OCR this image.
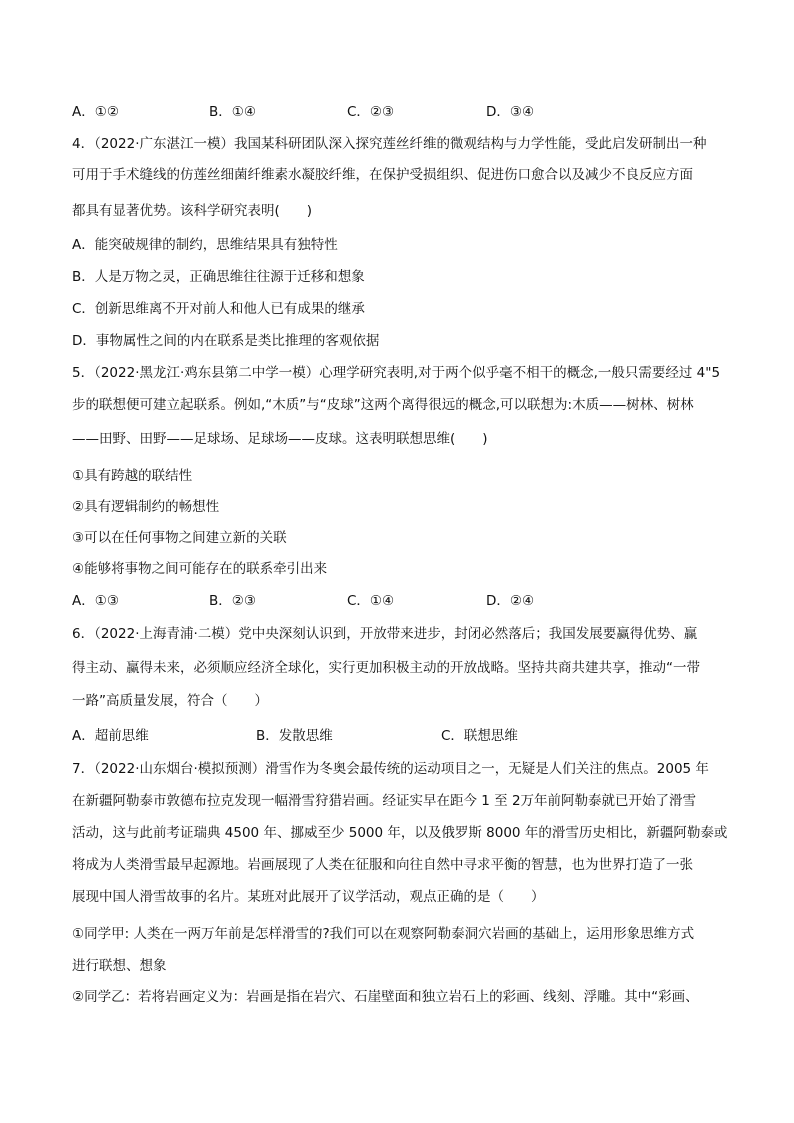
A．①②	B．①④	C．②③	D．③④
4．（2022·广东湛江一模）我国某科研团队深入探究莲丝纤维的微观结构与力学性能，受此启发研制出一种
可用于手术缝线的仿莲丝细菌纤维素水凝胶纤维，在保护受损组织、促进伤口愈合以及减少不良反应方面
都具有显著优势。该科学研究表明(　　)
A．能突破规律的制约，思维结果具有独特性
B．人是万物之灵，正确思维往往源于迁移和想象
C．创新思维离不开对前人和他人已有成果的继承
D．事物属性之间的内在联系是类比推理的客观依据
5．（2022·黑龙江·鸡东县第二中学一模）心理学研究表明,对于两个似乎毫不相干的概念,一般只需要经过 4"5
步的联想便可建立起联系。例如,“木质”与“皮球”这两个离得很远的概念,可以联想为:木质——树林、树林
——田野、田野——足球场、足球场——皮球。这表明联想思维(　　)
①具有跨越的联结性
②具有逻辑制约的畅想性
③可以在任何事物之间建立新的关联
④能够将事物之间可能存在的联系牵引出来
A．①③	B．②③	C．①④	D．②④
6．（2022·上海青浦·二模）党中央深刻认识到，开放带来进步，封闭必然落后；我国发展要赢得优势、赢
得主动、赢得未来，必须顺应经济全球化，实行更加积极主动的开放战略。坚持共商共建共享，推动“一带
一路”高质量发展，符合（　　）
A．超前思维	B．发散思维	C．联想思维
7．（2022·山东烟台·模拟预测）滑雪作为冬奥会最传统的运动项目之一，无疑是人们关注的焦点。2005 年
在新疆阿勒泰市敦德布拉克发现一幅滑雪狩猎岩画。经证实早在距今 1 至 2万年前阿勒泰就已开始了滑雪
活动，这与此前考证瑞典 4500 年、挪威至少 5000 年，以及俄罗斯 8000 年的滑雪历史相比，新疆阿勒泰或
将成为人类滑雪最早起源地。岩画展现了人类在征服和向往自然中寻求平衡的智慧，也为世界打造了一张
展现中国人滑雪故事的名片。某班对此展开了议学活动，观点正确的是（　　）
①同学甲: 人类在一两万年前是怎样滑雪的?我们可以在观察阿勒泰洞穴岩画的基础上，运用形象思维方式
进行联想、想象
②同学乙：若将岩画定义为：岩画是指在岩穴、石崖壁面和独立岩石上的彩画、线刻、浮雕。其中“彩画、
